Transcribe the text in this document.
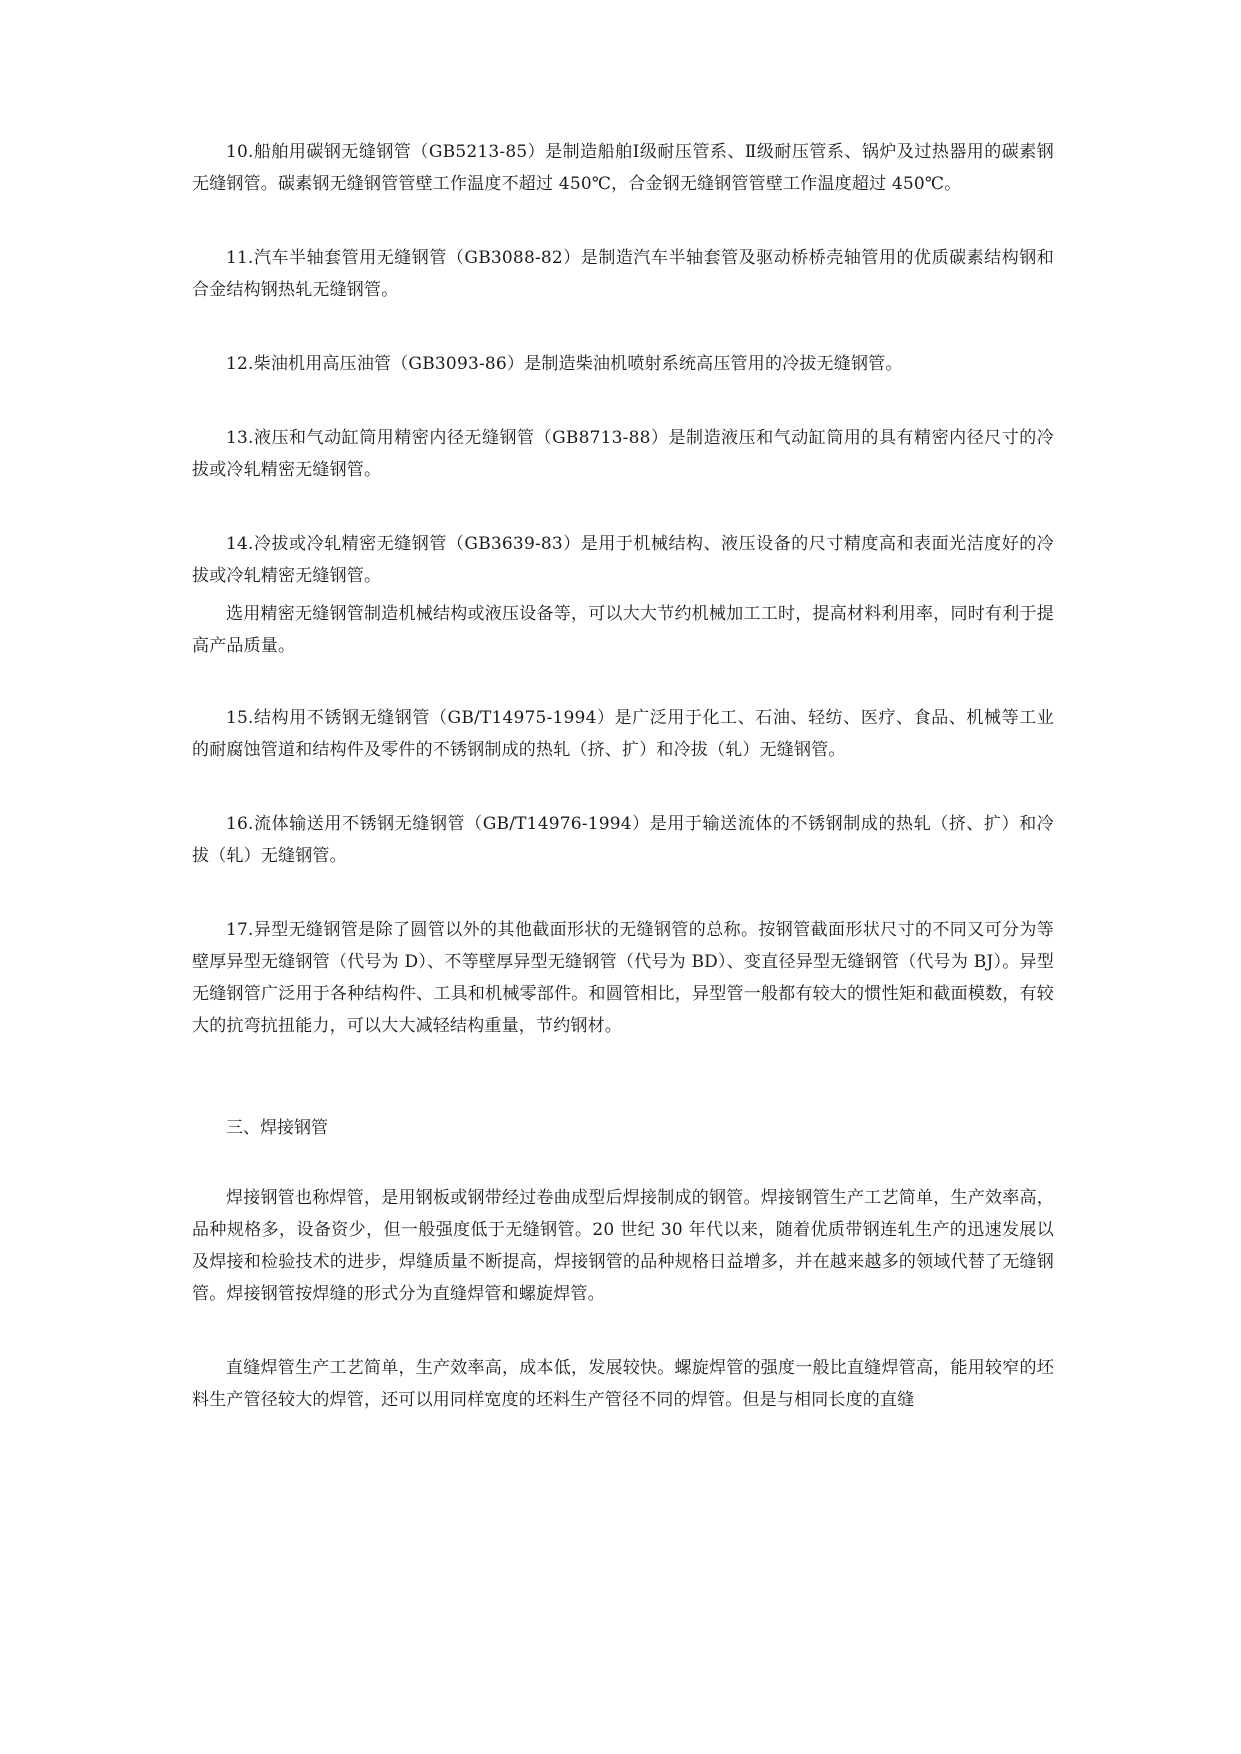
10.船舶用碳钢无缝钢管（GB5213-85）是制造船舶Ⅰ级耐压管系、Ⅱ级耐压管系、锅炉及过热器用的碳素钢无缝钢管。碳素钢无缝钢管管壁工作温度不超过 450℃，合金钢无缝钢管管壁工作温度超过 450℃。

11.汽车半轴套管用无缝钢管（GB3088-82）是制造汽车半轴套管及驱动桥桥壳轴管用的优质碳素结构钢和合金结构钢热轧无缝钢管。

12.柴油机用高压油管（GB3093-86）是制造柴油机喷射系统高压管用的冷拔无缝钢管。

13.液压和气动缸筒用精密内径无缝钢管（GB8713-88）是制造液压和气动缸筒用的具有精密内径尺寸的冷拔或冷轧精密无缝钢管。

14.冷拔或冷轧精密无缝钢管（GB3639-83）是用于机械结构、液压设备的尺寸精度高和表面光洁度好的冷拔或冷轧精密无缝钢管。

选用精密无缝钢管制造机械结构或液压设备等，可以大大节约机械加工工时，提高材料利用率，同时有利于提高产品质量。

15.结构用不锈钢无缝钢管（GB/T14975-1994）是广泛用于化工、石油、轻纺、医疗、食品、机械等工业的耐腐蚀管道和结构件及零件的不锈钢制成的热轧（挤、扩）和冷拔（轧）无缝钢管。

16.流体输送用不锈钢无缝钢管（GB/T14976-1994）是用于输送流体的不锈钢制成的热轧（挤、扩）和冷拔（轧）无缝钢管。

17.异型无缝钢管是除了圆管以外的其他截面形状的无缝钢管的总称。按钢管截面形状尺寸的不同又可分为等壁厚异型无缝钢管（代号为 D）、不等壁厚异型无缝钢管（代号为 BD）、变直径异型无缝钢管（代号为 BJ）。异型无缝钢管广泛用于各种结构件、工具和机械零部件。和圆管相比，异型管一般都有较大的惯性矩和截面模数，有较大的抗弯抗扭能力，可以大大减轻结构重量，节约钢材。

三、焊接钢管

焊接钢管也称焊管，是用钢板或钢带经过卷曲成型后焊接制成的钢管。焊接钢管生产工艺简单，生产效率高，品种规格多，设备资少，但一般强度低于无缝钢管。20 世纪 30 年代以来，随着优质带钢连轧生产的迅速发展以及焊接和检验技术的进步，焊缝质量不断提高，焊接钢管的品种规格日益增多，并在越来越多的领域代替了无缝钢管。焊接钢管按焊缝的形式分为直缝焊管和螺旋焊管。

直缝焊管生产工艺简单，生产效率高，成本低，发展较快。螺旋焊管的强度一般比直缝焊管高，能用较窄的坯料生产管径较大的焊管，还可以用同样宽度的坯料生产管径不同的焊管。但是与相同长度的直缝
